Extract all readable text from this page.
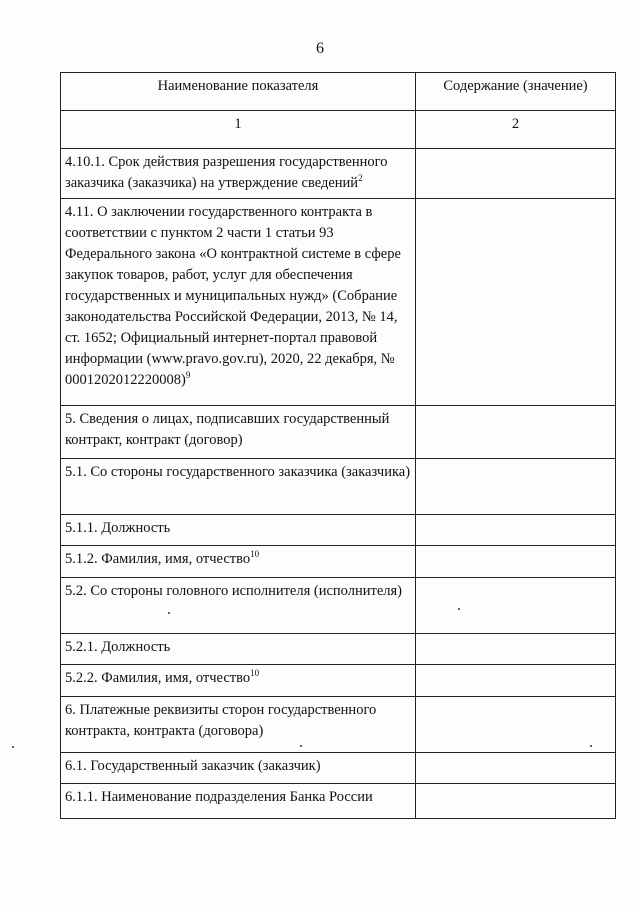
6
Наименование показателя	Содержание (значение)
1	2
4.10.1. Срок действия разрешения государственного заказчика (заказчика) на утверждение сведений$^2$	
4.11. О заключении государственного контракта в соответствии с пунктом 2 части 1 статьи 93 Федерального закона «О контрактной системе в сфере закупок товаров, работ, услуг для обеспечения государственных и муниципальных нужд» (Собрание законодательства Российской Федерации, 2013, № 14, ст. 1652; Официальный интернет-портал правовой информации (www.pravo.gov.ru), 2020, 22 декабря, № 0001202012220008)$^9$	
5. Сведения о лицах, подписавших государственный контракт, контракт (договор)	
5.1. Со стороны государственного заказчика (заказчика)	
5.1.1. Должность	
5.1.2. Фамилия, имя, отчество$^{10}$	
5.2. Со стороны головного исполнителя (исполнителя)	
5.2.1. Должность	
5.2.2. Фамилия, имя, отчество$^{10}$	
6. Платежные реквизиты сторон государственного контракта, контракта (договора)	
6.1. Государственный заказчик (заказчик)	
6.1.1. Наименование подразделения Банка России	
